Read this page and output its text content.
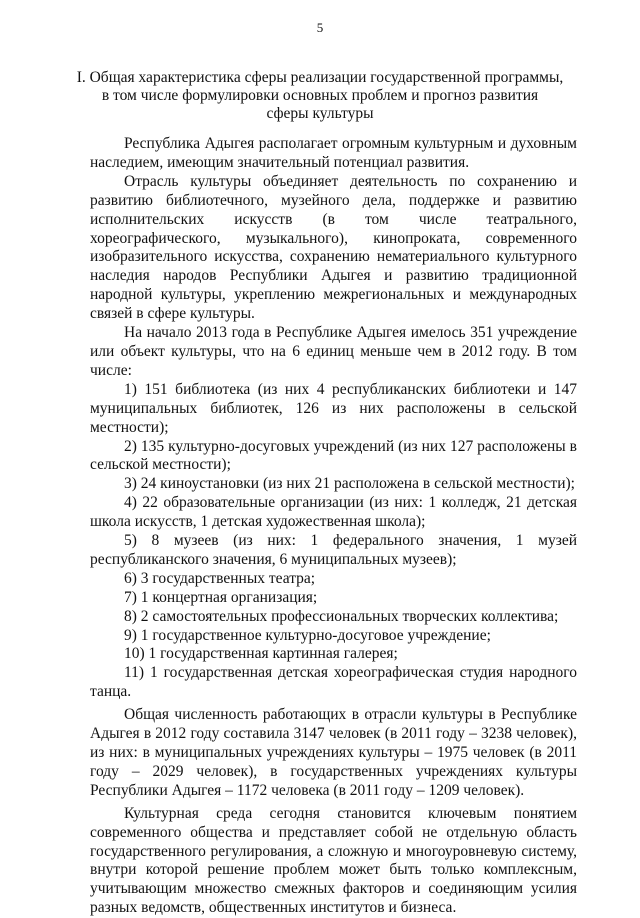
5
I. Общая характеристика сферы реализации государственной программы,
в том числе формулировки основных проблем и прогноз развития
сферы культуры

Республика Адыгея располагает огромным культурным и духовным наследием, имеющим значительный потенциал развития.

Отрасль культуры объединяет деятельность по сохранению и развитию библиотечного, музейного дела, поддержке и развитию исполнительских искусств (в том числе театрального, хореографического, музыкального), кинопроката, современного изобразительного искусства, сохранению нематериального культурного наследия народов Республики Адыгея и развитию традиционной народной культуры, укреплению межрегиональных и международных связей в сфере культуры.

На начало 2013 года в Республике Адыгея имелось 351 учреждение или объект культуры, что на 6 единиц меньше чем в 2012 году. В том числе:

1) 151 библиотека (из них 4 республиканских библиотеки и 147 муниципальных библиотек, 126 из них расположены в сельской местности);
2) 135 культурно-досуговых учреждений (из них 127 расположены в сельской местности);
3) 24 киноустановки (из них 21 расположена в сельской местности);
4) 22 образовательные организации (из них: 1 колледж, 21 детская школа искусств, 1 детская художественная школа);
5) 8 музеев (из них: 1 федерального значения, 1 музей республиканского значения, 6 муниципальных музеев);
6) 3 государственных театра;
7) 1 концертная организация;
8) 2 самостоятельных профессиональных творческих коллектива;
9) 1 государственное культурно-досуговое учреждение;
10) 1 государственная картинная галерея;
11) 1 государственная детская хореографическая студия народного танца.

Общая численность работающих в отрасли культуры в Республике Адыгея в 2012 году составила 3147 человек (в 2011 году – 3238 человек), из них: в муниципальных учреждениях культуры – 1975 человек (в 2011 году – 2029 человек), в государственных учреждениях культуры Республики Адыгея – 1172 человека (в 2011 году – 1209 человек).

Культурная среда сегодня становится ключевым понятием современного общества и представляет собой не отдельную область государственного регулирования, а сложную и многоуровневую систему, внутри которой решение проблем может быть только комплексным, учитывающим множество смежных факторов и соединяющим усилия разных ведомств, общественных институтов и бизнеса.
